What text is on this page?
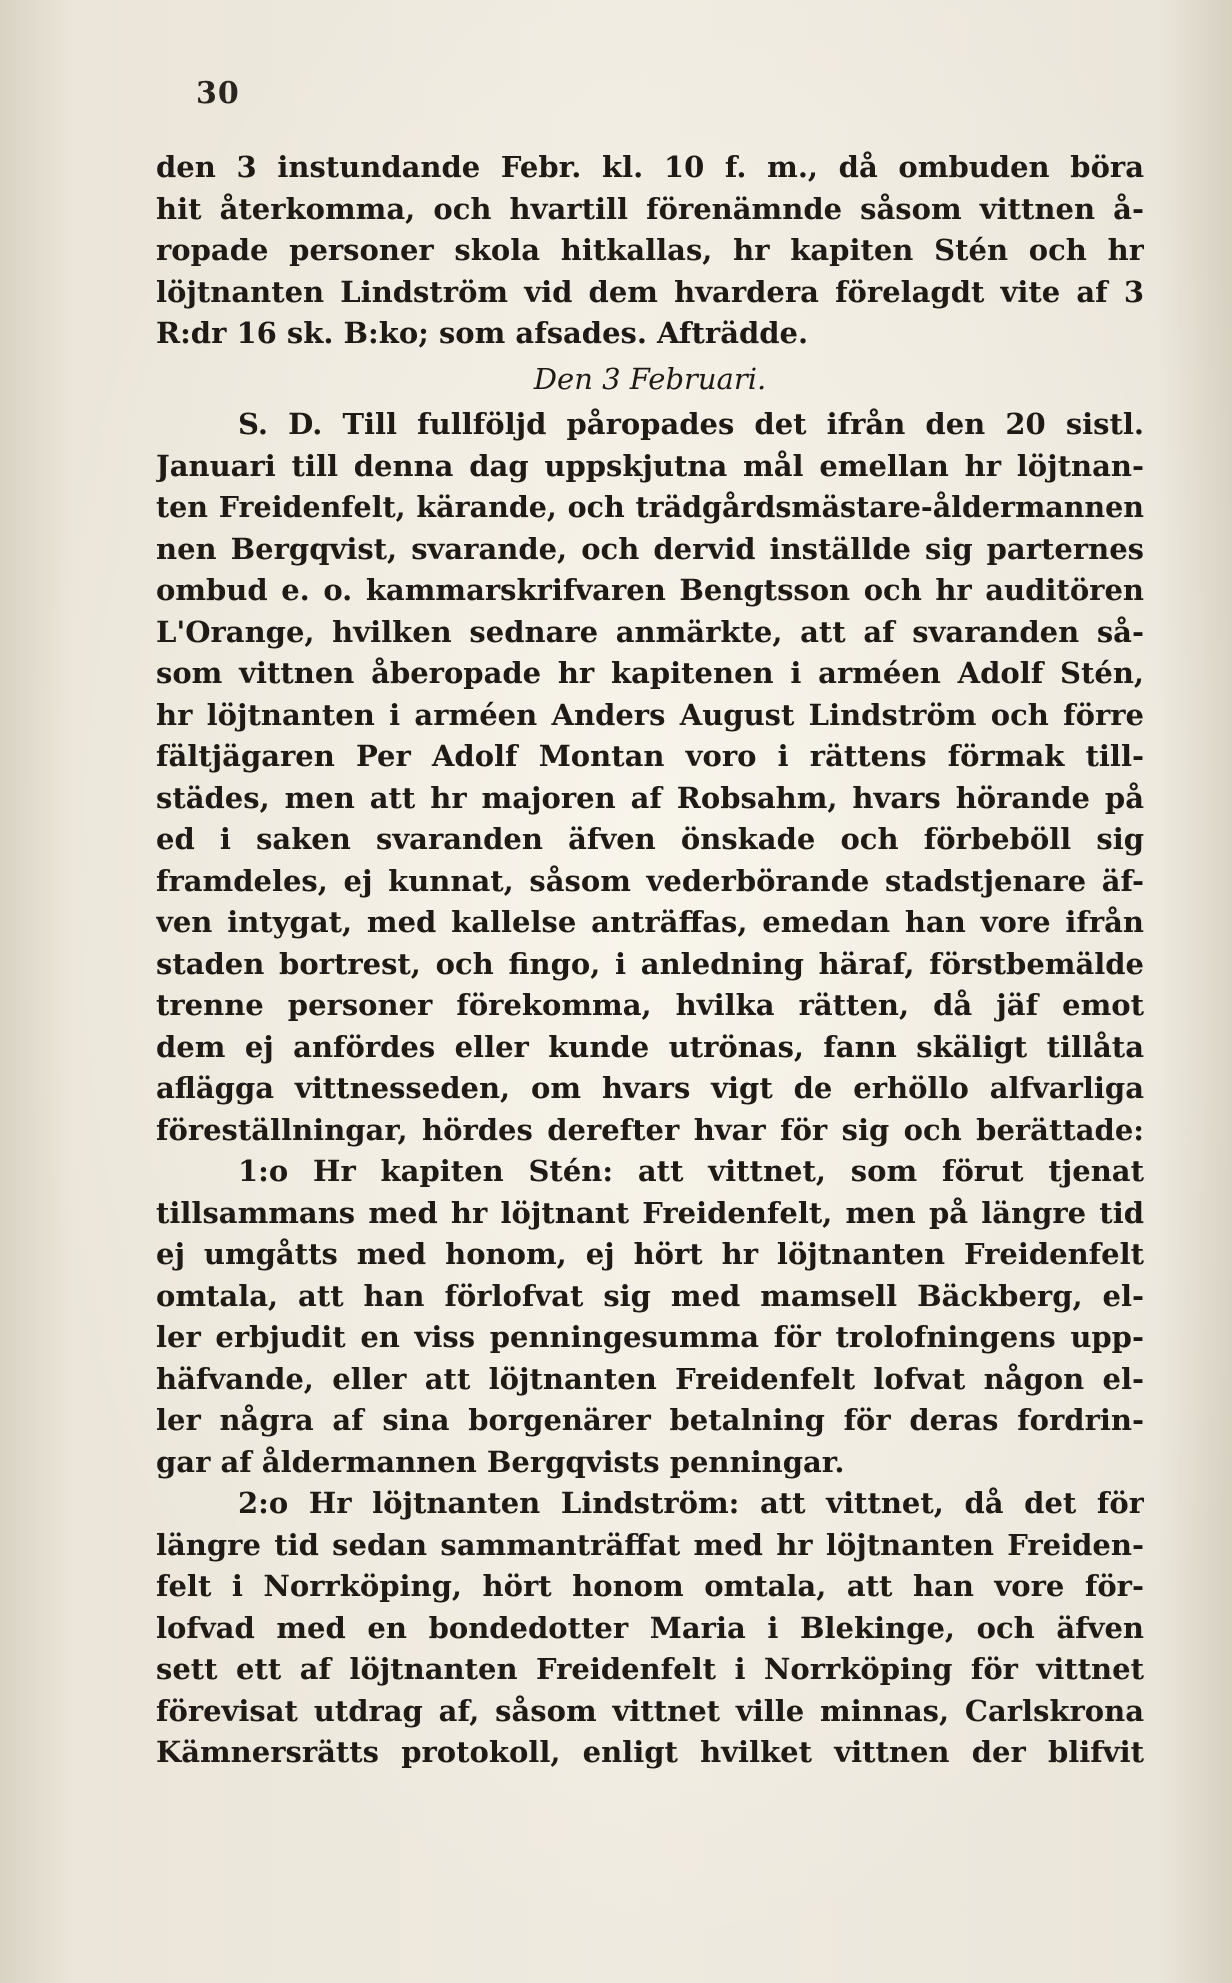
30
den 3 instundande Febr. kl. 10 f. m., då ombuden böra
hit återkomma, och hvartill förenämnde såsom vittnen å-
ropade personer skola hitkallas, hr kapiten Stén och hr
löjtnanten Lindström vid dem hvardera förelagdt vite af 3
R:dr 16 sk. B:ko; som afsades. Afträdde.
Den 3 Februari.
S. D. Till fullföljd påropades det ifrån den 20 sistl.
Januari till denna dag uppskjutna mål emellan hr löjtnan-
ten Freidenfelt, kärande, och trädgårdsmästare-åldermannen
nen Bergqvist, svarande, och dervid inställde sig parternes
ombud e. o. kammarskrifvaren Bengtsson och hr auditören
L'Orange, hvilken sednare anmärkte, att af svaranden så-
som vittnen åberopade hr kapitenen i arméen Adolf Stén,
hr löjtnanten i arméen Anders August Lindström och förre
fältjägaren Per Adolf Montan voro i rättens förmak till-
städes, men att hr majoren af Robsahm, hvars hörande på
ed i saken svaranden äfven önskade och förbeböll sig
framdeles, ej kunnat, såsom vederbörande stadstjenare äf-
ven intygat, med kallelse anträffas, emedan han vore ifrån
staden bortrest, och fingo, i anledning häraf, förstbemälde
trenne personer förekomma, hvilka rätten, då jäf emot
dem ej anfördes eller kunde utrönas, fann skäligt tillåta
aflägga vittnesseden, om hvars vigt de erhöllo alfvarliga
föreställningar, hördes derefter hvar för sig och berättade:
1:o Hr kapiten Stén: att vittnet, som förut tjenat
tillsammans med hr löjtnant Freidenfelt, men på längre tid
ej umgåtts med honom, ej hört hr löjtnanten Freidenfelt
omtala, att han förlofvat sig med mamsell Bäckberg, el-
ler erbjudit en viss penningesumma för trolofningens upp-
häfvande, eller att löjtnanten Freidenfelt lofvat någon el-
ler några af sina borgenärer betalning för deras fordrin-
gar af åldermannen Bergqvists penningar.
2:o Hr löjtnanten Lindström: att vittnet, då det för
längre tid sedan sammanträffat med hr löjtnanten Freiden-
felt i Norrköping, hört honom omtala, att han vore för-
lofvad med en bondedotter Maria i Blekinge, och äfven
sett ett af löjtnanten Freidenfelt i Norrköping för vittnet
förevisat utdrag af, såsom vittnet ville minnas, Carlskrona
Kämnersrätts protokoll, enligt hvilket vittnen der blifvit
